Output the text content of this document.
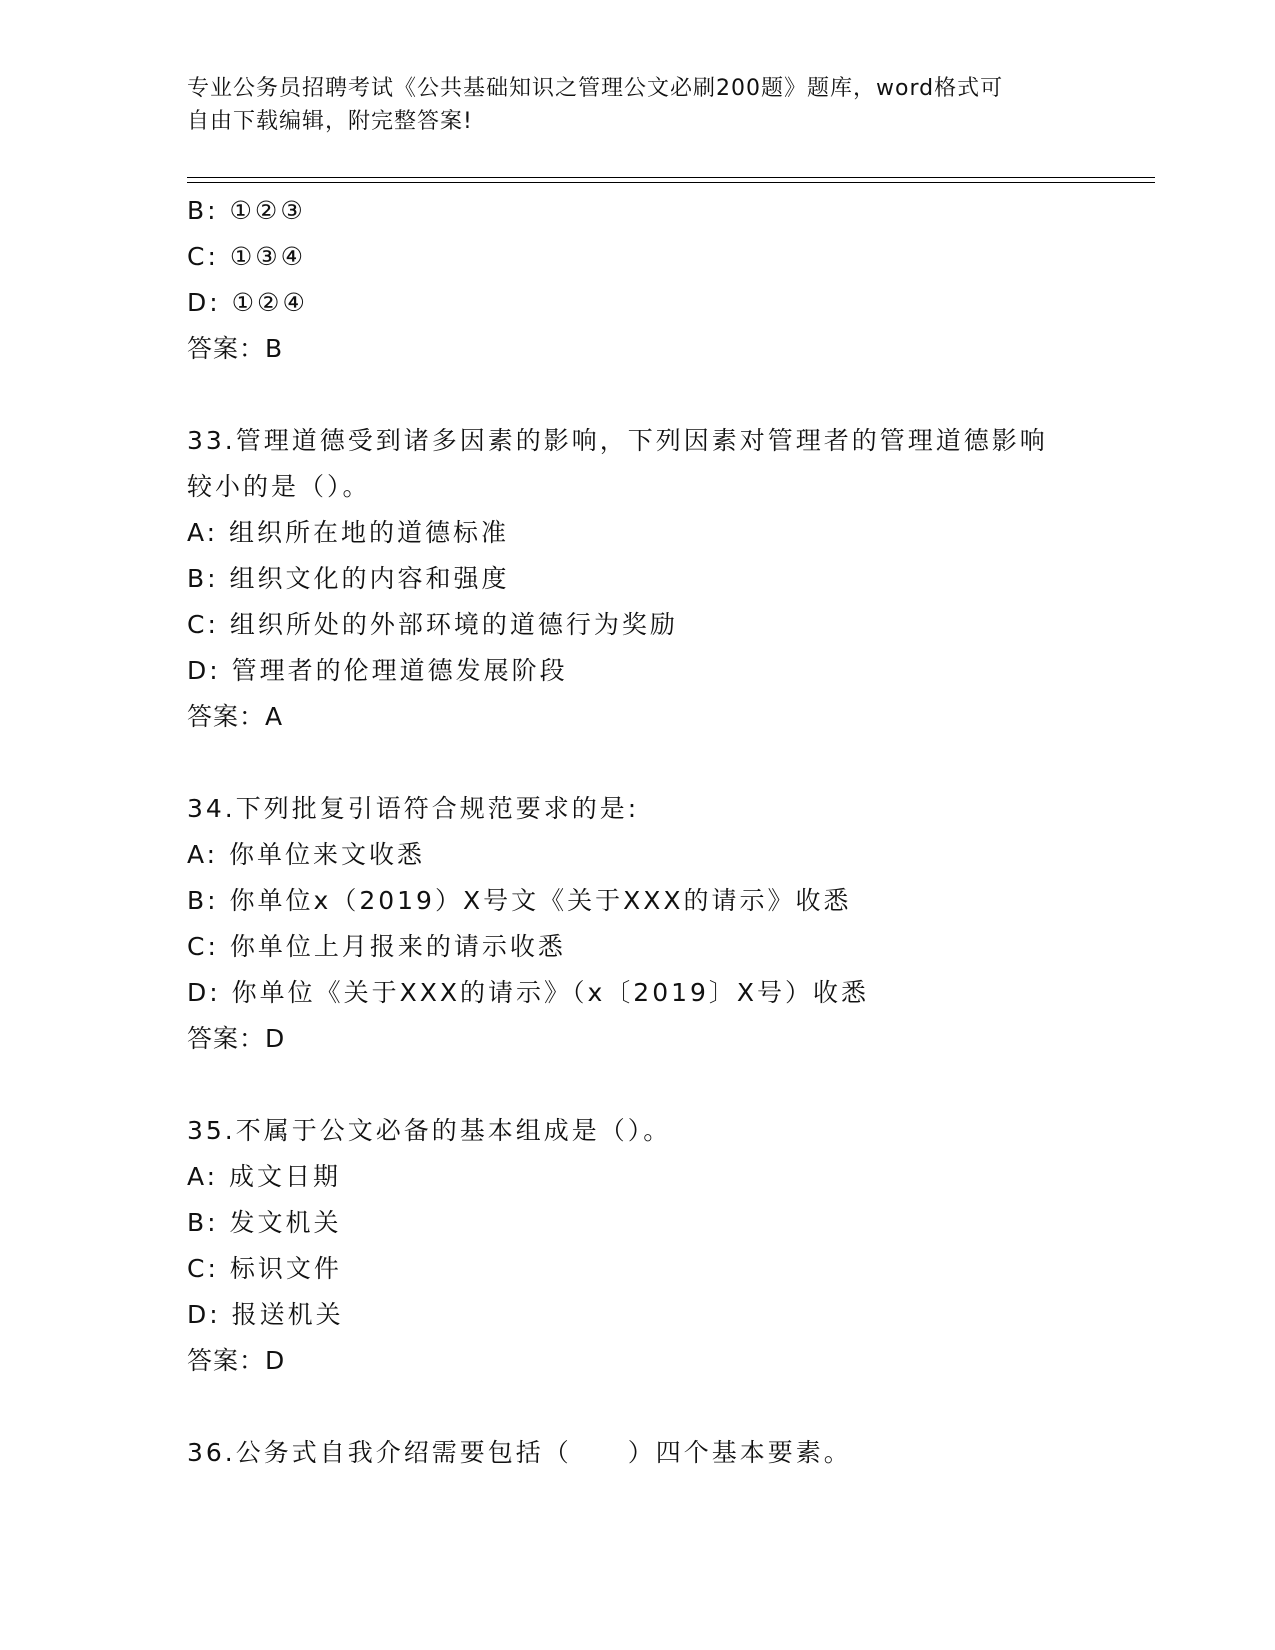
专业公务员招聘考试《公共基础知识之管理公文必刷200题》题库，word格式可
自由下载编辑，附完整答案!
B: ①②③
C: ①③④
D: ①②④
答案：B
33.管理道德受到诸多因素的影响，下列因素对管理者的管理道德影响
较小的是（）。
A: 组织所在地的道德标准
B: 组织文化的内容和强度
C: 组织所处的外部环境的道德行为奖励
D: 管理者的伦理道德发展阶段
答案：A
34.下列批复引语符合规范要求的是:
A: 你单位来文收悉
B: 你单位x（2019）X号文《关于XXX的请示》收悉
C: 你单位上月报来的请示收悉
D: 你单位《关于XXX的请示》（x〔2019〕X号）收悉
答案：D
35.不属于公文必备的基本组成是（）。
A: 成文日期
B: 发文机关
C: 标识文件
D: 报送机关
答案：D
36.公务式自我介绍需要包括（　　）四个基本要素。
